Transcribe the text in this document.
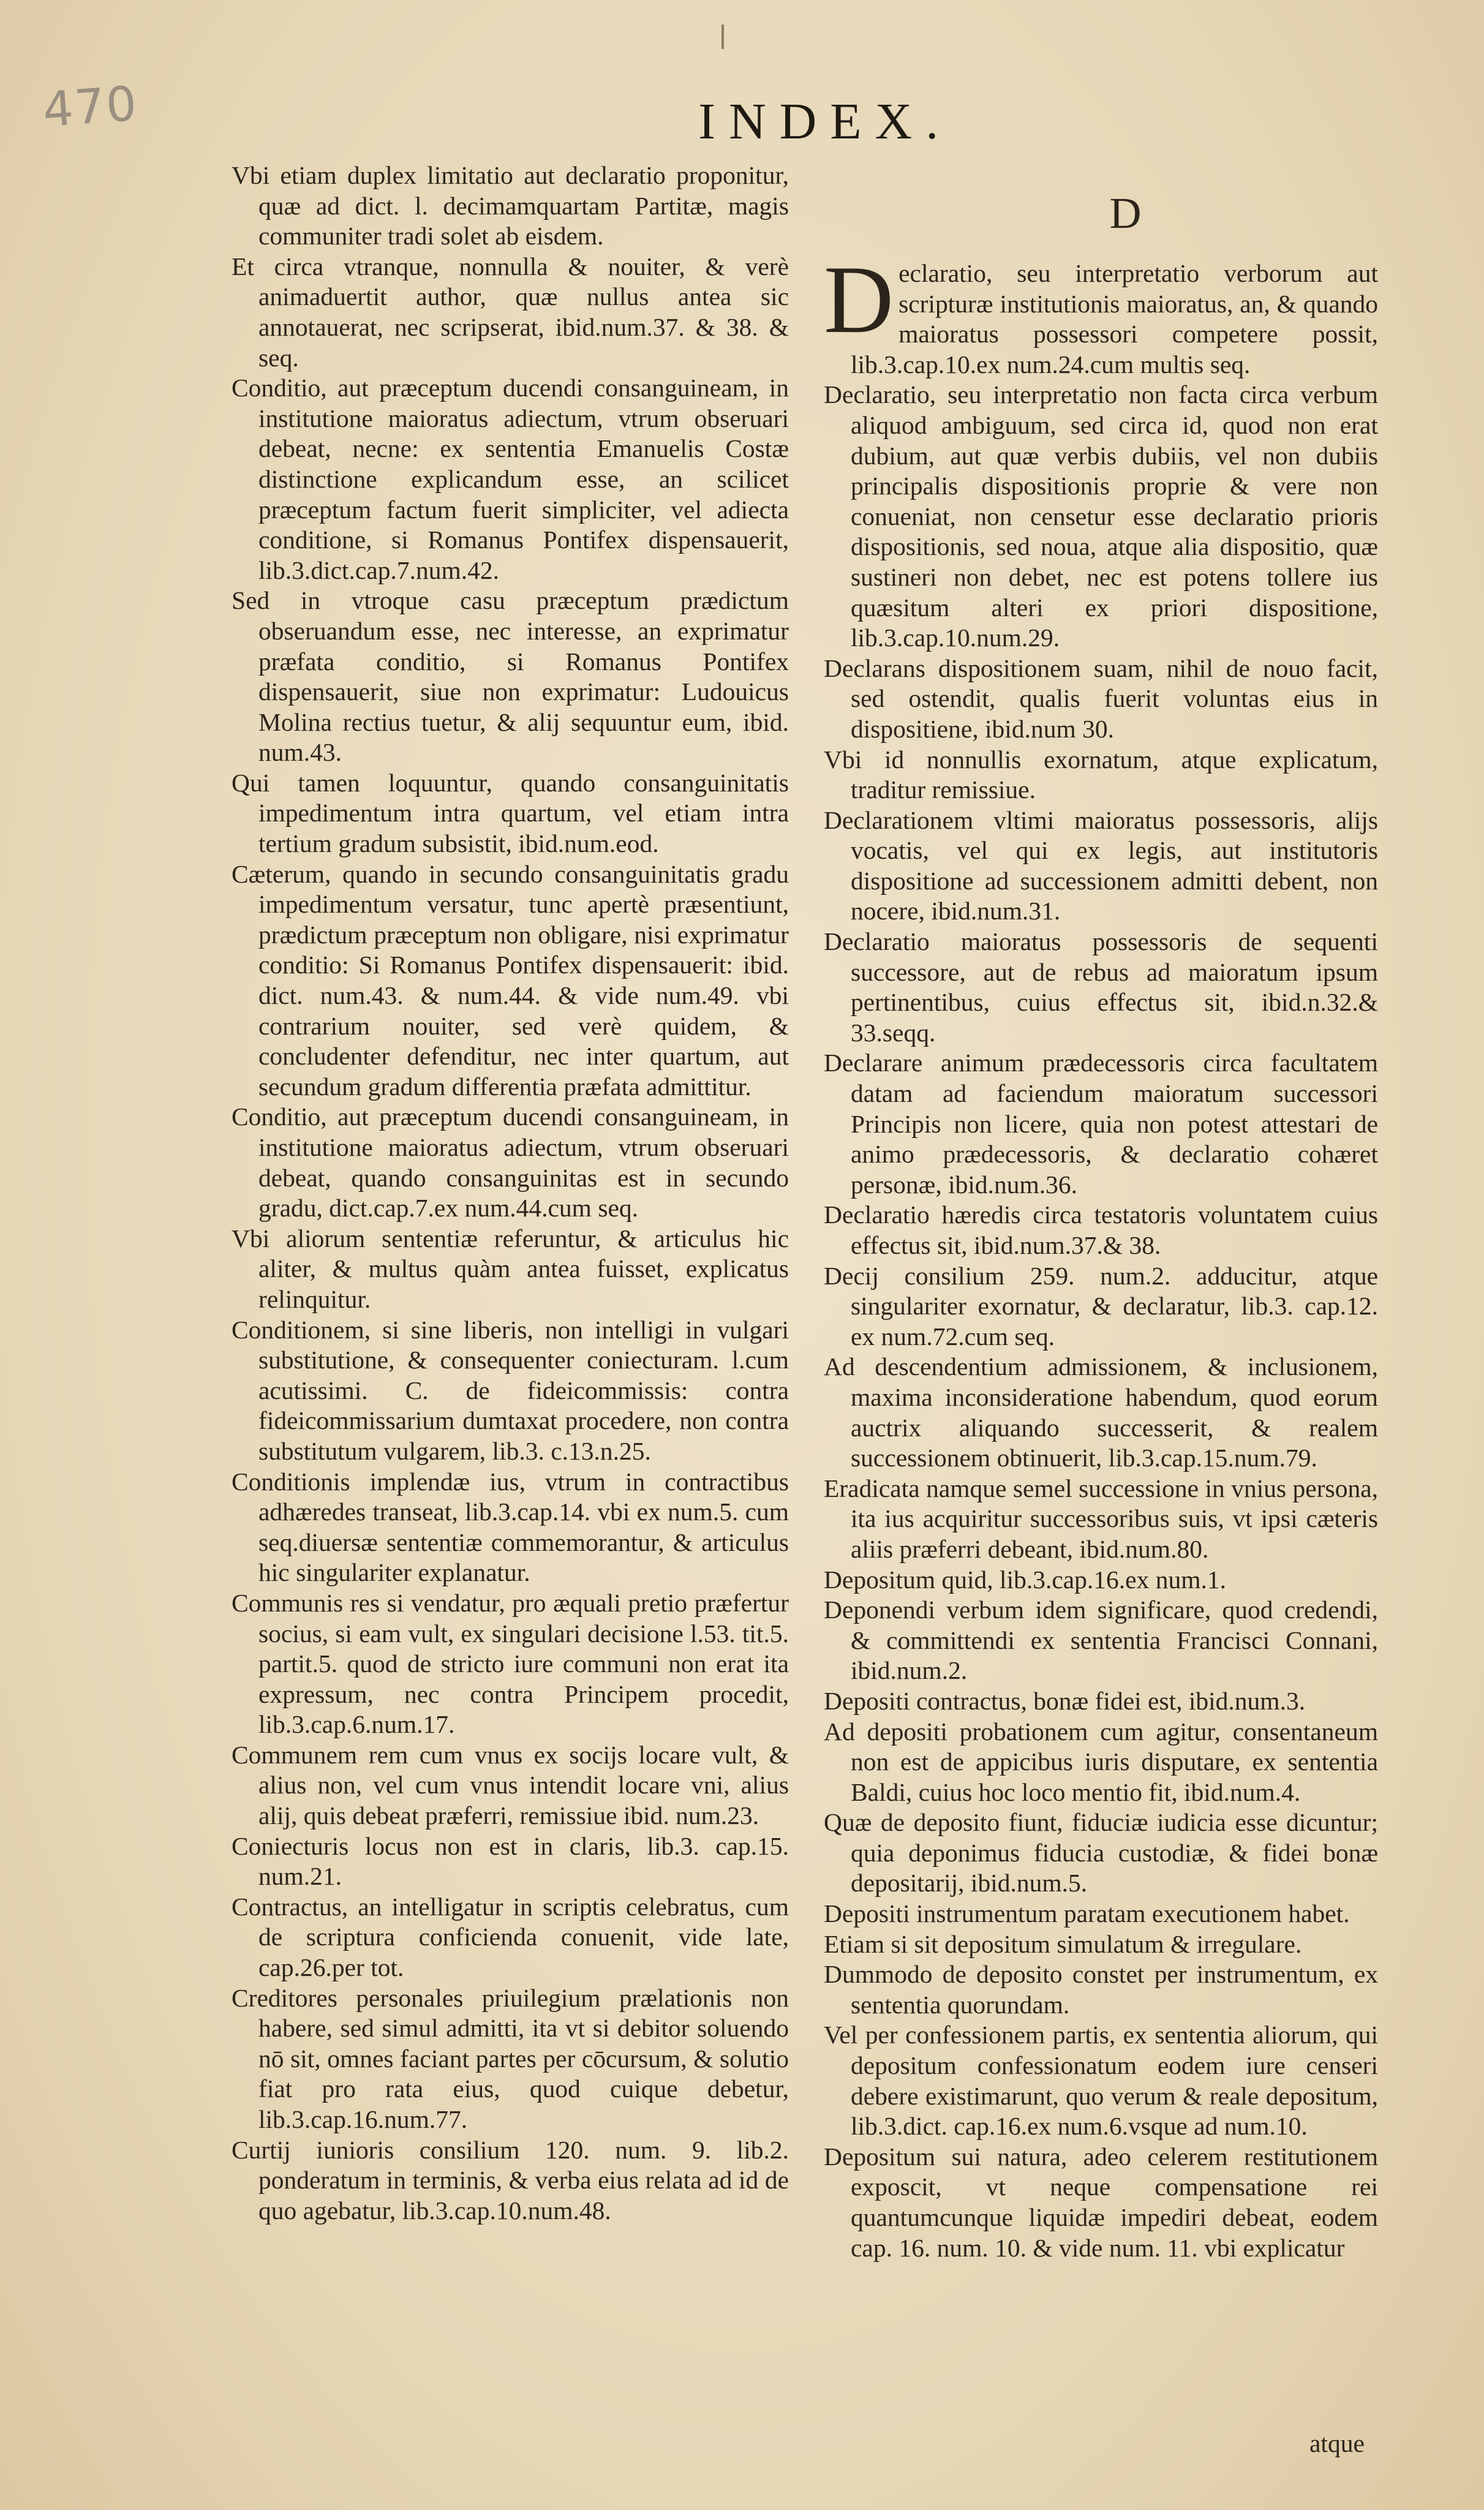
470	INDEX.

Vbi etiam duplex limitatio aut declaratio proponitur, quæ ad dict. l. decimamquartam Partitæ, magis communiter tradi solet ab eisdem.

Et circa vtranque, nonnulla & nouiter, & verè animaduertit author, quæ nullus antea sic annotauerat, nec scripserat, ibid.num.37. & 38. & seq.

Conditio, aut præceptum ducendi consanguineam, in institutione maioratus adiectum, vtrum obseruari debeat, necne: ex sententia Emanuelis Costæ distinctione explicandum esse, an scilicet præceptum factum fuerit simpliciter, vel adiecta conditione, si Romanus Pontifex dispensauerit, lib.3.dict.cap.7.num.42.

Sed in vtroque casu præceptum prædictum obseruandum esse, nec interesse, an exprimatur præfata conditio, si Romanus Pontifex dispensauerit, siue non exprimatur: Ludouicus Molina rectius tuetur, & alij sequuntur eum, ibid. num.43.

Qui tamen loquuntur, quando consanguinitatis impedimentum intra quartum, vel etiam intra tertium gradum subsistit, ibid.num.eod.

Cæterum, quando in secundo consanguinitatis gradu impedimentum versatur, tunc apertè præsentiunt, prædictum præceptum non obligare, nisi exprimatur conditio: Si Romanus Pontifex dispensauerit: ibid. dict. num.43. & num.44. & vide num.49. vbi contrarium nouiter, sed verè quidem, & concludenter defenditur, nec inter quartum, aut secundum gradum differentia præfata admittitur.

Conditio, aut præceptum ducendi consanguineam, in institutione maioratus adiectum, vtrum obseruari debeat, quando consanguinitas est in secundo gradu, dict.cap.7.ex num.44.cum seq.

Vbi aliorum sententiæ referuntur, & articulus hic aliter, & multus quàm antea fuisset, explicatus relinquitur.

Conditionem, si sine liberis, non intelligi in vulgari substitutione, & consequenter coniecturam. l.cum acutissimi. C. de fideicommissis: contra fideicommissarium dumtaxat procedere, non contra substitutum vulgarem, lib.3. c.13.n.25.

Conditionis implendæ ius, vtrum in contractibus adhæredes transeat, lib.3.cap.14. vbi ex num.5. cum seq.diuersæ sententiæ commemorantur, & articulus hic singulariter explanatur.

Communis res si vendatur, pro æquali pretio præfertur socius, si eam vult, ex singulari decisione l.53. tit.5. partit.5. quod de stricto iure communi non erat ita expressum, nec contra Principem procedit, lib.3.cap.6.num.17.

Communem rem cum vnus ex socijs locare vult, & alius non, vel cum vnus intendit locare vni, alius alij, quis debeat præferri, remissiue ibid. num.23.

Coniecturis locus non est in claris, lib.3. cap.15. num.21.

Contractus, an intelligatur in scriptis celebratus, cum de scriptura conficienda conuenit, vide late, cap.26.per tot.

Creditores personales priuilegium prælationis non habere, sed simul admitti, ita vt si debitor soluendo nō sit, omnes faciant partes per cōcursum, & solutio fiat pro rata eius, quod cuique debetur, lib.3.cap.16.num.77.

Curtij iunioris consilium 120. num. 9. lib.2. ponderatum in terminis, & verba eius relata ad id de quo agebatur, lib.3.cap.10.num.48.

D

Declaratio, seu interpretatio verborum aut scripturæ institutionis maioratus, an, & quando maioratus possessori competere possit, lib.3.cap.10.ex num.24.cum multis seq.

Declaratio, seu interpretatio non facta circa verbum aliquod ambiguum, sed circa id, quod non erat dubium, aut quæ verbis dubiis, vel non dubiis principalis dispositionis proprie & vere non conueniat, non censetur esse declaratio prioris dispositionis, sed noua, atque alia dispositio, quæ sustineri non debet, nec est potens tollere ius quæsitum alteri ex priori dispositione, lib.3.cap.10.num.29.

Declarans dispositionem suam, nihil de nouo facit, sed ostendit, qualis fuerit voluntas eius in dispositiene, ibid.num 30.

Vbi id nonnullis exornatum, atque explicatum, traditur remissiue.

Declarationem vltimi maioratus possessoris, alijs vocatis, vel qui ex legis, aut institutoris dispositione ad successionem admitti debent, non nocere, ibid.num.31.

Declaratio maioratus possessoris de sequenti successore, aut de rebus ad maioratum ipsum pertinentibus, cuius effectus sit, ibid.n.32.& 33.seqq.

Declarare animum prædecessoris circa facultatem datam ad faciendum maioratum successori Principis non licere, quia non potest attestari de animo prædecessoris, & declaratio cohæret personæ, ibid.num.36.

Declaratio hæredis circa testatoris voluntatem cuius effectus sit, ibid.num.37.& 38.

Decij consilium 259. num.2. adducitur, atque singulariter exornatur, & declaratur, lib.3. cap.12. ex num.72.cum seq.

Ad descendentium admissionem, & inclusionem, maxima inconsideratione habendum, quod eorum auctrix aliquando successerit, & realem successionem obtinuerit, lib.3.cap.15.num.79.

Eradicata namque semel successione in vnius persona, ita ius acquiritur successoribus suis, vt ipsi cæteris aliis præferri debeant, ibid.num.80.

Depositum quid, lib.3.cap.16.ex num.1.

Deponendi verbum idem significare, quod credendi, & committendi ex sententia Francisci Connani, ibid.num.2.

Depositi contractus, bonæ fidei est, ibid.num.3.

Ad depositi probationem cum agitur, consentaneum non est de appicibus iuris disputare, ex sententia Baldi, cuius hoc loco mentio fit, ibid.num.4.

Quæ de deposito fiunt, fiduciæ iudicia esse dicuntur; quia deponimus fiducia custodiæ, & fidei bonæ depositarij, ibid.num.5.

Depositi instrumentum paratam executionem habet.

Etiam si sit depositum simulatum & irregulare.

Dummodo de deposito constet per instrumentum, ex sententia quorundam.

Vel per confessionem partis, ex sententia aliorum, qui depositum confessionatum eodem iure censeri debere existimarunt, quo verum & reale depositum, lib.3.dict. cap.16.ex num.6.vsque ad num.10.

Depositum sui natura, adeo celerem restitutionem exposcit, vt neque compensatione rei quantumcunque liquidæ impediri debeat, eodem cap. 16. num. 10. & vide num. 11. vbi explicatur

atque
